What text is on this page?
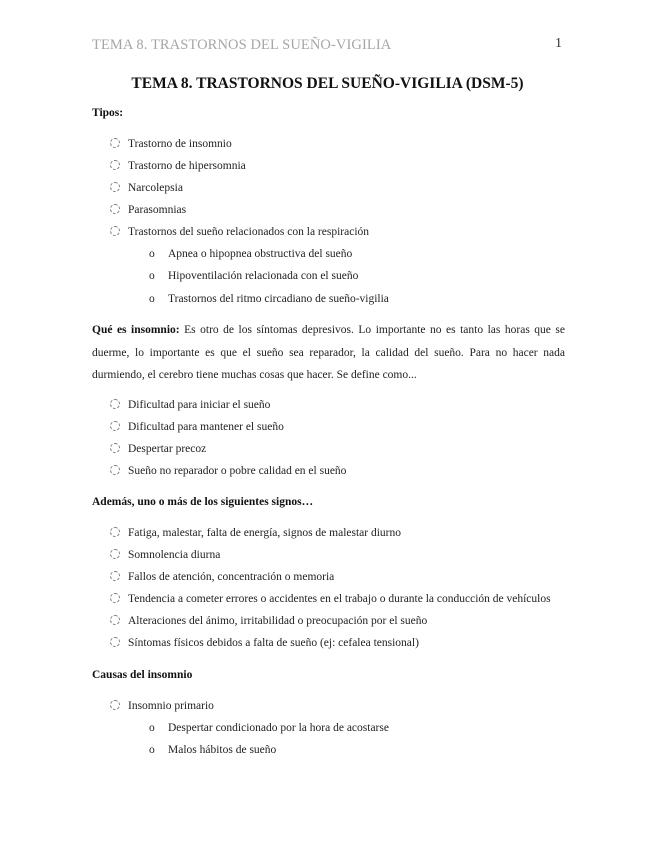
TEMA 8. TRASTORNOS DEL SUEÑO-VIGILIA	1
TEMA 8. TRASTORNOS DEL SUEÑO-VIGILIA (DSM-5)
Tipos:
Trastorno de insomnio
Trastorno de hipersomnia
Narcolepsia
Parasomnias
Trastornos del sueño relacionados con la respiración
o Apnea o hipopnea obstructiva del sueño
o Hipoventilación relacionada con el sueño
o Trastornos del ritmo circadiano de sueño-vigilia
Qué es insomnio: Es otro de los síntomas depresivos. Lo importante no es tanto las horas que se duerme, lo importante es que el sueño sea reparador, la calidad del sueño. Para no hacer nada durmiendo, el cerebro tiene muchas cosas que hacer. Se define como...
Dificultad para iniciar el sueño
Dificultad para mantener el sueño
Despertar precoz
Sueño no reparador o pobre calidad en el sueño
Además, uno o más de los siguientes signos…
Fatiga, malestar, falta de energía, signos de malestar diurno
Somnolencia diurna
Fallos de atención, concentración o memoria
Tendencia a cometer errores o accidentes en el trabajo o durante la conducción de vehículos
Alteraciones del ánimo, irritabilidad o preocupación por el sueño
Síntomas físicos debidos a falta de sueño (ej: cefalea tensional)
Causas del insomnio
Insomnio primario
o Despertar condicionado por la hora de acostarse
o Malos hábitos de sueño
